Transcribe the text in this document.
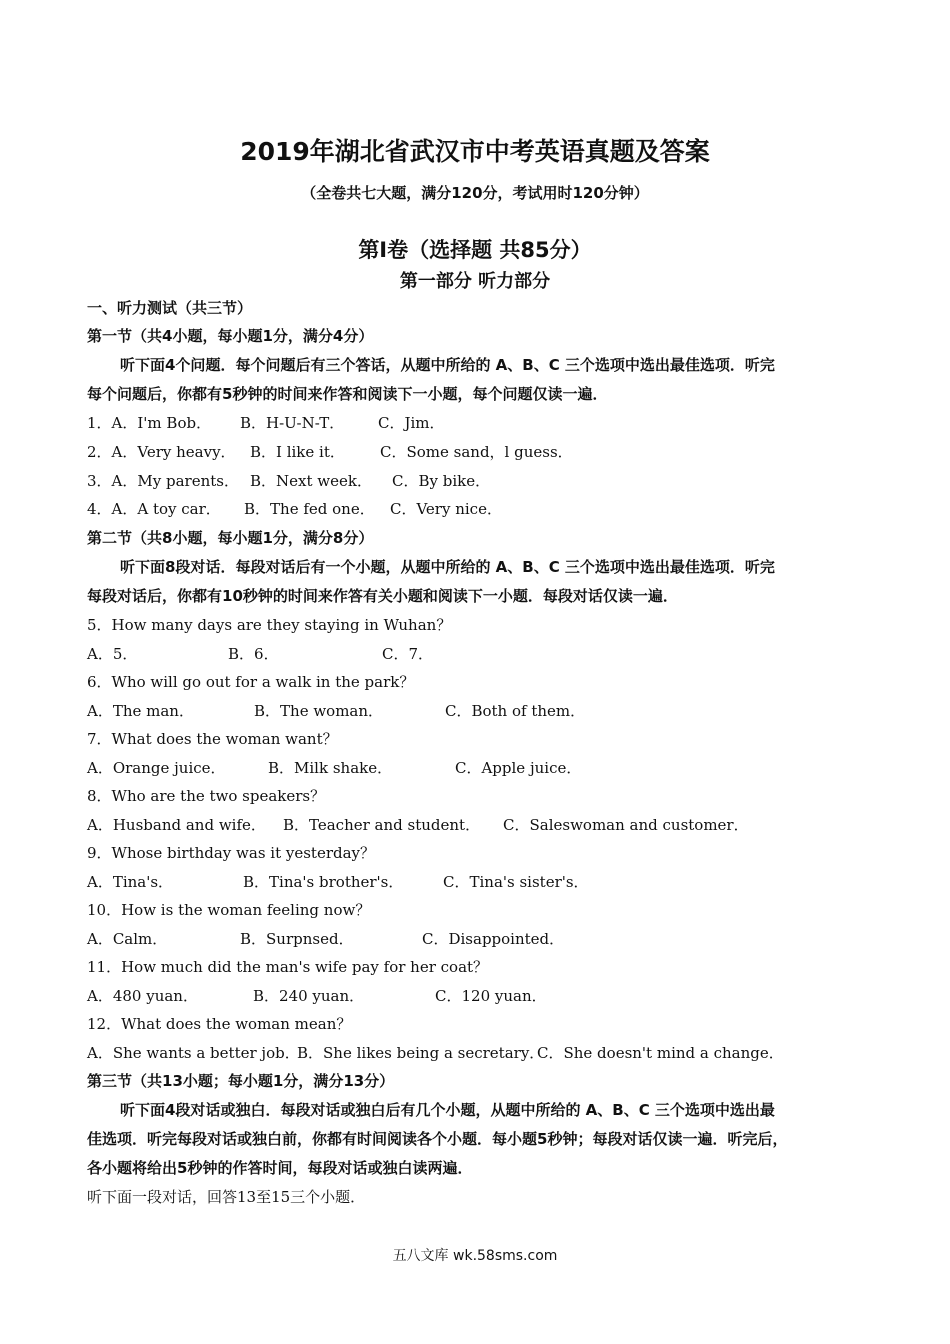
2019年湖北省武汉市中考英语真题及答案
（全卷共七大题，满分120分，考试用时120分钟）
第I卷（选择题 共85分）
第一部分 听力部分
一、听力测试（共三节）
第一节（共4小题，每小题1分，满分4分）
听下面4个问题．每个问题后有三个答话，从题中所给的 A、B、C 三个选项中选出最佳选项．听完
每个问题后，你都有5秒钟的时间来作答和阅读下一小题，每个问题仅读一遍．
1．A．I'm Bob． B．H-U-N-T． C．Jim．
2．A．Very heavy． B．I like it． C．Some sand，l guess．
3．A．My parents． B．Next week． C．By bike．
4．A．A toy car． B．The fed one． C．Very nice．
第二节（共8小题，每小题1分，满分8分）
听下面8段对话．每段对话后有一个小题，从题中所给的 A、B、C 三个选项中选出最佳选项．听完
每段对话后，你都有10秒钟的时间来作答有关小题和阅读下一小题．每段对话仅读一遍．
5．How many days are they staying in Wuhan？
A．5．	B．6．	C．7．
6．Who will go out for a walk in the park？
A．The man．	B．The woman．	C．Both of them．
7．What does the woman want？
A．Orange juice．	B．Milk shake．	C．Apple juice．
8．Who are the two speakers？
A．Husband and wife． B．Teacher and student． C．Saleswoman and customer．
9．Whose birthday was it yesterday？
A．Tina's．	B．Tina's brother's．	C．Tina's sister's．
10．How is the woman feeling now？
A．Calm．	B．Surpnsed．	C．Disappointed．
11．How much did the man's wife pay for her coat？
A．480 yuan．	B．240 yuan．	C．120 yuan．
12．What does the woman mean？
A．She wants a better job．
B．She likes being a secretary．
C．She doesn't mind a change．
第三节（共13小题；每小题1分，满分13分）
听下面4段对话或独白．每段对话或独白后有几个小题，从题中所给的 A、B、C 三个选项中选出最
佳选项．听完每段对话或独白前，你都有时间阅读各个小题．每小题5秒钟；每段对话仅读一遍．听完后，
各小题将给出5秒钟的作答时间，每段对话或独白读两遍．
听下面一段对话，回答13至15三个小题．
五八文库 wk.58sms.com
